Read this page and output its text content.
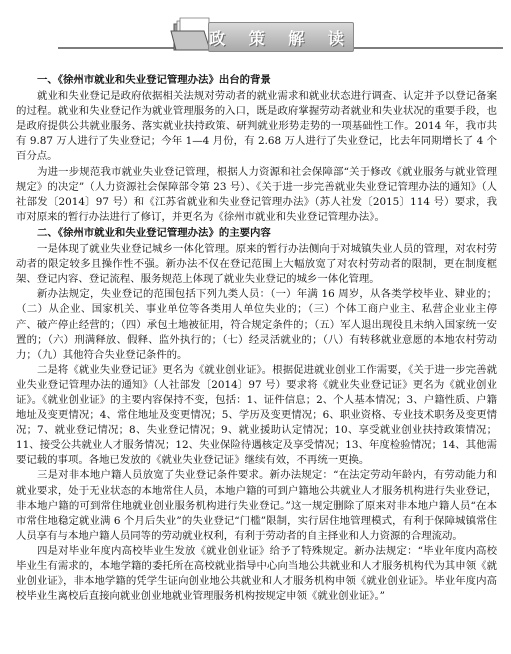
政 策 解 读

一、《徐州市就业和失业登记管理办法》出台的背景

就业和失业登记是政府依据相关法规对劳动者的就业需求和就业状态进行调查、认定并予以登记备案的过程。就业和失业登记作为就业管理服务的入口，既是政府掌握劳动者就业和失业状况的重要手段，也是政府提供公共就业服务、落实就业扶持政策、研判就业形势走势的一项基础性工作。2014 年，我市共有 9.87 万人进行了失业登记；今年 1—4 月份，有 2.68 万人进行了失业登记，比去年同期增长了 4 个百分点。

为进一步规范我市就业失业登记管理，根据人力资源和社会保障部“关于修改《就业服务与就业管理规定》的决定”（人力资源社会保障部令第 23 号）、《关于进一步完善就业失业登记管理办法的通知》（人社部发〔2014〕97 号）和《江苏省就业和失业登记管理办法》（苏人社发〔2015〕114 号）要求，我市对原来的暂行办法进行了修订，并更名为《徐州市就业和失业登记管理办法》。

二、《徐州市就业和失业登记管理办法》的主要内容

一是体现了就业失业登记城乡一体化管理。原来的暂行办法侧向于对城镇失业人员的管理，对农村劳动者的限定较多且操作性不强。新办法不仅在登记范围上大幅放宽了对农村劳动者的限制，更在制度框架、登记内容、登记流程、服务规范上体现了就业失业登记的城乡一体化管理。

新办法规定，失业登记的范围包括下列九类人员：（一）年满 16 周岁，从各类学校毕业、肄业的；（二）从企业、国家机关、事业单位等各类用人单位失业的；（三）个体工商户业主、私营企业业主停产、破产停止经营的；（四）承包土地被征用，符合规定条件的；（五）军人退出现役且未纳入国家统一安置的；（六）刑满释放、假释、监外执行的；（七）经灵活就业的；（八）有转移就业意愿的本地农村劳动力；（九）其他符合失业登记条件的。

二是将《就业失业登记证》更名为《就业创业证》。根据促进就业创业工作需要，《关于进一步完善就业失业登记管理办法的通知》（人社部发〔2014〕97 号）要求将《就业失业登记证》更名为《就业创业证》。《就业创业证》的主要内容保持不变，包括：1、证件信息；2、个人基本情况；3、户籍性质、户籍地址及变更情况；4、常住地址及变更情况；5、学历及变更情况；6、职业资格、专业技术职务及变更情况；7、就业登记情况；8、失业登记情况；9、就业援助认定情况；10、享受就业创业扶持政策情况；11、接受公共就业人才服务情况；12、失业保险待遇核定及享受情况；13、年度检验情况；14、其他需要记载的事项。各地已发放的《就业失业登记证》继续有效，不再统一更换。

三是对非本地户籍人员放宽了失业登记条件要求。新办法规定：“在法定劳动年龄内，有劳动能力和就业要求，处于无业状态的本地常住人员，本地户籍的可到户籍地公共就业人才服务机构进行失业登记，非本地户籍的可到常住地就业创业服务机构进行失业登记。”这一规定删除了原来对非本地户籍人员“在本市常住地稳定就业满 6 个月后失业”的失业登记“门槛”限制，实行居住地管理模式，有利于保障城镇常住人员享有与本地户籍人员同等的劳动就业权利，有利于劳动者的自主择业和人力资源的合理流动。

四是对毕业年度内高校毕业生发放《就业创业证》给予了特殊规定。新办法规定：“毕业年度内高校毕业生有需求的，本地学籍的委托所在高校就业指导中心向当地公共就业和人才服务机构代为其申领《就业创业证》，非本地学籍的凭学生证向创业地公共就业和人才服务机构申领《就业创业证》。毕业年度内高校毕业生离校后直接向就业创业地就业管理服务机构按规定申领《就业创业证》。”
